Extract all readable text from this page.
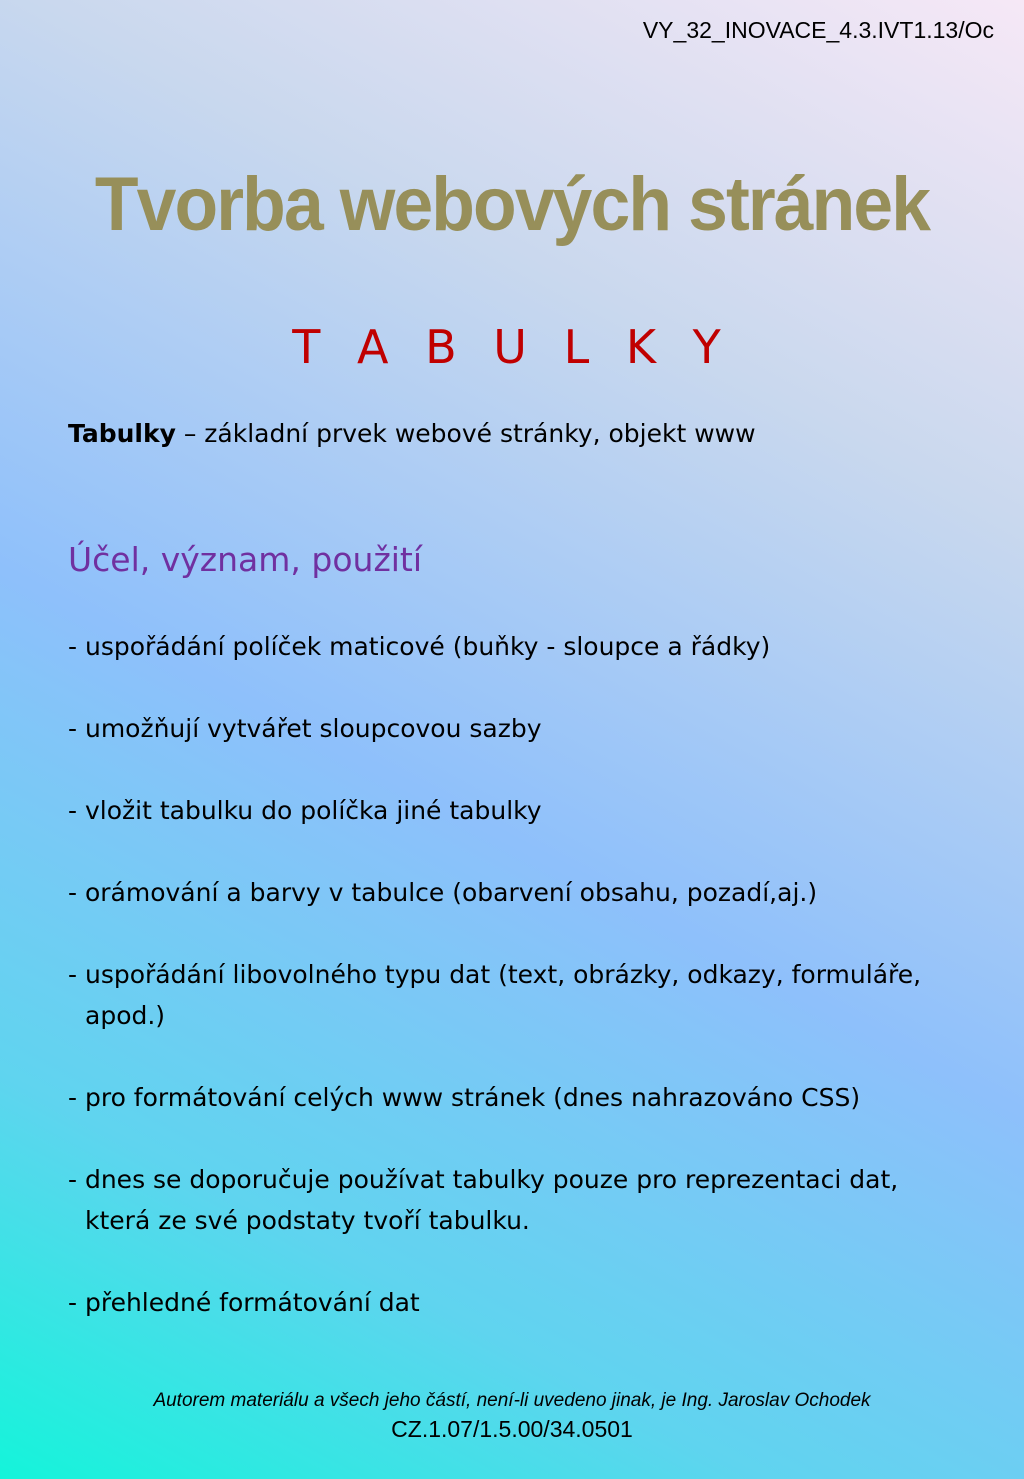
VY_32_INOVACE_4.3.IVT1.13/Oc
Tvorba webových stránek
T A B U L K Y
Tabulky – základní prvek webové stránky, objekt www
Účel, význam, použití
- uspořádání políček maticové (buňky - sloupce a řádky)
- umožňují vytvářet sloupcovou sazby
- vložit tabulku do políčka jiné tabulky
- orámování a barvy v tabulce (obarvení obsahu, pozadí,aj.)
- uspořádání libovolného typu dat (text, obrázky, odkazy, formuláře,
apod.)
- pro formátování celých www stránek (dnes nahrazováno CSS)
- dnes se doporučuje používat tabulky pouze pro reprezentaci dat,
která ze své podstaty tvoří tabulku.
- přehledné formátování dat
Autorem materiálu a všech jeho částí, není-li uvedeno jinak, je Ing. Jaroslav Ochodek
CZ.1.07/1.5.00/34.0501
